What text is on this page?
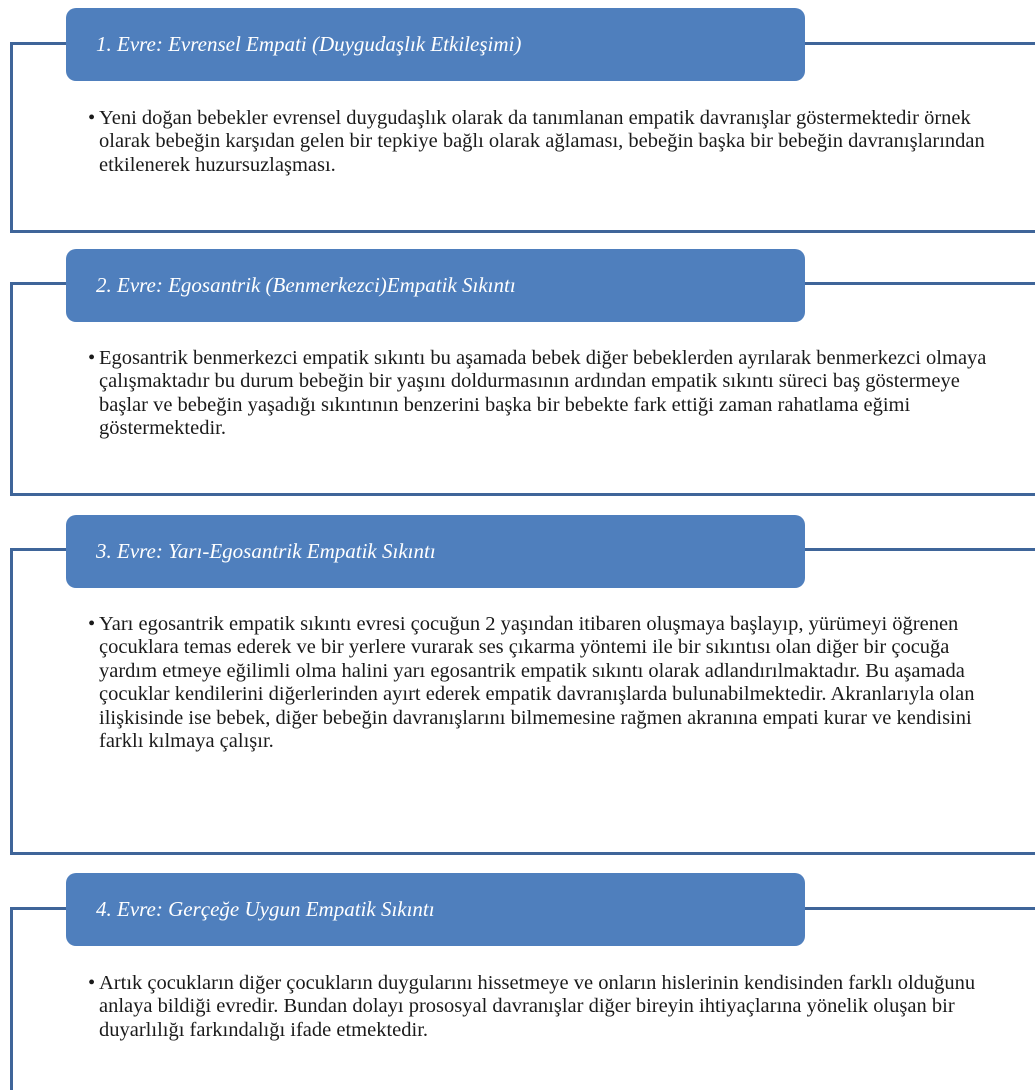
1. Evre: Evrensel Empati (Duygudaşlık Etkileşimi)
• Yeni doğan bebekler evrensel duygudaşlık olarak da tanımlanan empatik davranışlar göstermektedir örnek olarak bebeğin karşıdan gelen bir tepkiye bağlı olarak ağlaması, bebeğin başka bir bebeğin davranışlarından etkilenerek huzursuzlaşması.
2. Evre: Egosantrik (Benmerkezci)Empatik Sıkıntı
• Egosantrik benmerkezci empatik sıkıntı bu aşamada bebek diğer bebeklerden ayrılarak benmerkezci olmaya çalışmaktadır bu durum bebeğin bir yaşını doldurmasının ardından empatik sıkıntı süreci baş göstermeye başlar ve bebeğin yaşadığı sıkıntının benzerini başka bir bebekte fark ettiği zaman rahatlama eğimi göstermektedir.
3. Evre: Yarı-Egosantrik Empatik Sıkıntı
• Yarı egosantrik empatik sıkıntı evresi çocuğun 2 yaşından itibaren oluşmaya başlayıp, yürümeyi öğrenen çocuklara temas ederek ve bir yerlere vurarak ses çıkarma yöntemi ile bir sıkıntısı olan diğer bir çocuğa yardım etmeye eğilimli olma halini yarı egosantrik empatik sıkıntı olarak adlandırılmaktadır. Bu aşamada çocuklar kendilerini diğerlerinden ayırt ederek empatik davranışlarda bulunabilmektedir. Akranlarıyla olan ilişkisinde ise bebek, diğer bebeğin davranışlarını bilmemesine rağmen akranına empati kurar ve kendisini farklı kılmaya çalışır.
4. Evre: Gerçeğe Uygun Empatik Sıkıntı
• Artık çocukların diğer çocukların duygularını hissetmeye ve onların hislerinin kendisinden farklı olduğunu anlaya bildiği evredir. Bundan dolayı prososyal davranışlar diğer bireyin ihtiyaçlarına yönelik oluşan bir duyarlılığı farkındalığı ifade etmektedir.
